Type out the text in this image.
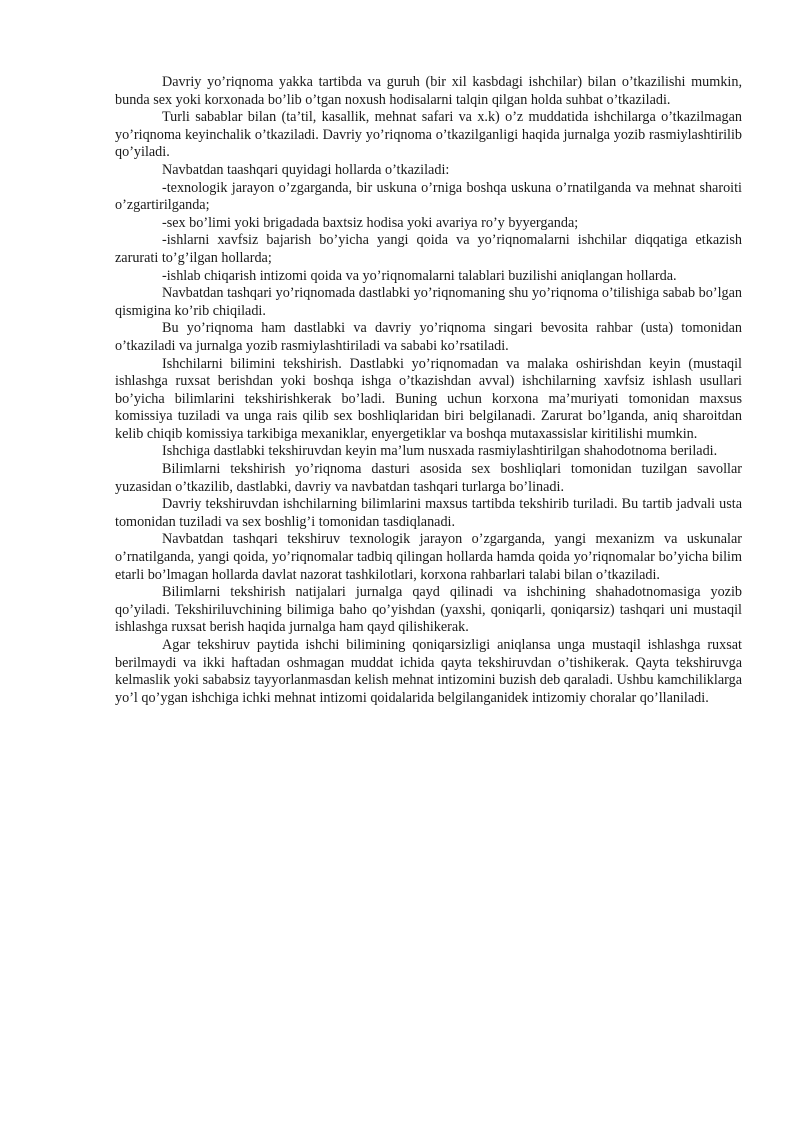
Davriy yo’riqnoma yakka tartibda va guruh (bir xil kasbdagi ishchilar) bilan o’tkazilishi mumkin, bunda sex yoki korxonada bo’lib o’tgan noxush hodisalarni talqin qilgan holda suhbat o’tkaziladi.

Turli sabablar bilan (ta’til, kasallik, mehnat safari va x.k) o’z muddatida ishchilarga o’tkazilmagan yo’riqnoma keyinchalik o’tkaziladi. Davriy yo’riqnoma o’tkazilganligi haqida jurnalga yozib rasmiylashtirilib qo’yiladi.

Navbatdan taashqari quyidagi hollarda o’tkaziladi:

-texnologik jarayon o’zgarganda, bir uskuna o’rniga boshqa uskuna o’rnatilganda va mehnat sharoiti o’zgartirilganda;

-sex bo’limi yoki brigadada baxtsiz hodisa yoki avariya ro’y byyerganda;

-ishlarni xavfsiz bajarish bo’yicha yangi qoida va yo’riqnomalarni ishchilar diqqatiga etkazish zarurati to’g’ilgan hollarda;

-ishlab chiqarish intizomi qoida va yo’riqnomalarni talablari buzilishi aniqlangan hollarda.

Navbatdan tashqari yo’riqnomada dastlabki yo’riqnomaning shu yo’riqnoma o’tilishiga sabab bo’lgan qismigina ko’rib chiqiladi.

Bu yo’riqnoma ham dastlabki va davriy yo’riqnoma singari bevosita rahbar (usta) tomonidan o’tkaziladi va jurnalga yozib rasmiylashtiriladi va sababi ko’rsatiladi.

Ishchilarni bilimini tekshirish. Dastlabki yo’riqnomadan va malaka oshirishdan keyin (mustaqil ishlashga ruxsat berishdan yoki boshqa ishga o’tkazishdan avval) ishchilarning xavfsiz ishlash usullari bo’yicha bilimlarini tekshirishkerak bo’ladi. Buning uchun korxona ma’muriyati tomonidan maxsus komissiya tuziladi va unga rais qilib sex boshliqlaridan biri belgilanadi. Zarurat bo’lganda, aniq sharoitdan kelib chiqib komissiya tarkibiga mexaniklar, enyergetiklar va boshqa mutaxassislar kiritilishi mumkin.

Ishchiga dastlabki tekshiruvdan keyin ma’lum nusxada rasmiylashtirilgan shahodotnoma beriladi.

Bilimlarni tekshirish yo’riqnoma dasturi asosida sex boshliqlari tomonidan tuzilgan savollar yuzasidan o’tkazilib, dastlabki, davriy va navbatdan tashqari turlarga bo’linadi.

Davriy tekshiruvdan ishchilarning bilimlarini maxsus tartibda tekshirib turiladi. Bu tartib jadvali usta tomonidan tuziladi va sex boshlig’i tomonidan tasdiqlanadi.

Navbatdan tashqari tekshiruv texnologik jarayon o’zgarganda, yangi mexanizm va uskunalar o’rnatilganda, yangi qoida, yo’riqnomalar tadbiq qilingan hollarda hamda qoida yo’riqnomalar bo’yicha bilim etarli bo’lmagan hollarda davlat nazorat tashkilotlari, korxona rahbarlari talabi bilan o’tkaziladi.

Bilimlarni tekshirish natijalari jurnalga qayd qilinadi va ishchining shahadotnomasiga yozib qo’yiladi. Tekshiriluvchining bilimiga baho qo’yishdan (yaxshi, qoniqarli, qoniqarsiz) tashqari uni mustaqil ishlashga ruxsat berish haqida jurnalga ham qayd qilishikerak.

Agar tekshiruv paytida ishchi bilimining qoniqarsizligi aniqlansa unga mustaqil ishlashga ruxsat berilmaydi va ikki haftadan oshmagan muddat ichida qayta tekshiruvdan o’tishikerak. Qayta tekshiruvga kelmaslik yoki sababsiz tayyorlanmasdan kelish mehnat intizomini buzish deb qaraladi. Ushbu kamchiliklarga yo’l qo’ygan ishchiga ichki mehnat intizomi qoidalarida belgilanganidek intizomiy choralar qo’llaniladi.
